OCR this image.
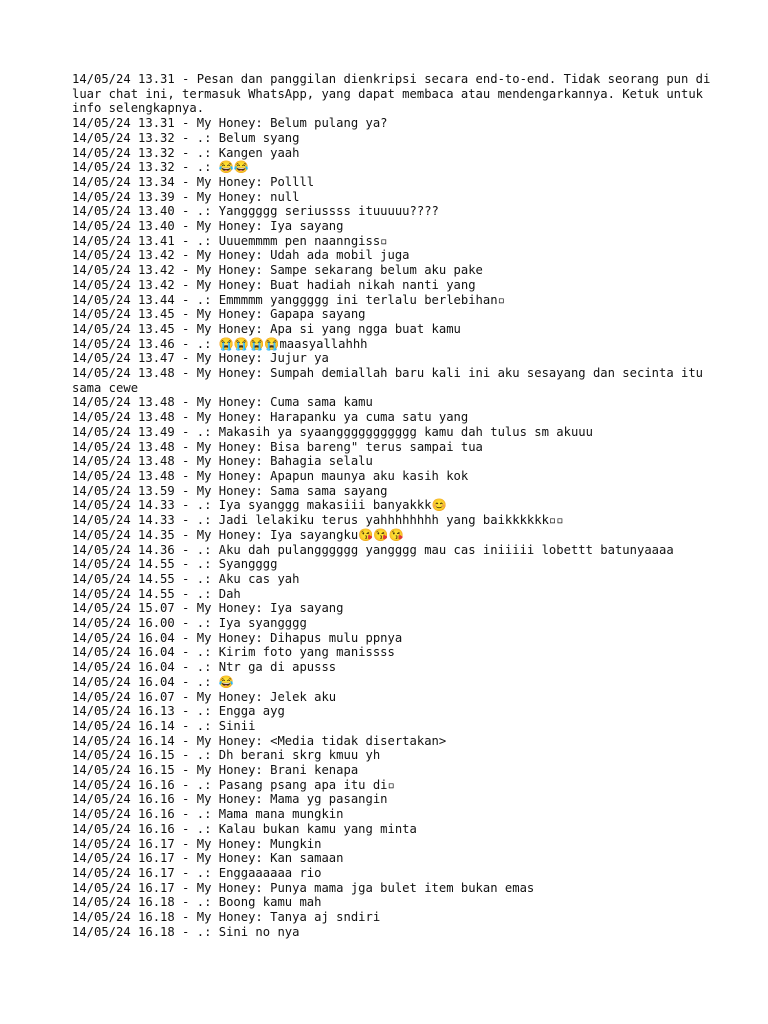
14/05/24 13.31 - Pesan dan panggilan dienkripsi secara end-to-end. Tidak seorang pun di luar chat ini, termasuk WhatsApp, yang dapat membaca atau mendengarkannya. Ketuk untuk info selengkapnya.

14/05/24 13.31 - My Honey: Belum pulang ya?

14/05/24 13.32 - .: Belum syang

14/05/24 13.32 - .: Kangen yaah

14/05/24 13.32 - .: 😂😂

14/05/24 13.34 - My Honey: Pollll

14/05/24 13.39 - My Honey: null

14/05/24 13.40 - .: Yanggggg seriussss ituuuuu????

14/05/24 13.40 - My Honey: Iya sayang

14/05/24 13.41 - .: Uuuemmmm pen naanngiss▫

14/05/24 13.42 - My Honey: Udah ada mobil juga

14/05/24 13.42 - My Honey: Sampe sekarang belum aku pake

14/05/24 13.42 - My Honey: Buat hadiah nikah nanti yang

14/05/24 13.44 - .: Emmmmm yanggggg ini terlalu berlebihan▫

14/05/24 13.45 - My Honey: Gapapa sayang

14/05/24 13.45 - My Honey: Apa si yang ngga buat kamu

14/05/24 13.46 - .: 😭😭😭😭maasyallahhh

14/05/24 13.47 - My Honey: Jujur ya

14/05/24 13.48 - My Honey: Sumpah demiallah baru kali ini aku sesayang dan secinta itu sama cewe

14/05/24 13.48 - My Honey: Cuma sama kamu

14/05/24 13.48 - My Honey: Harapanku ya cuma satu yang

14/05/24 13.49 - .: Makasih ya syaanggggggggggg kamu dah tulus sm akuuu

14/05/24 13.48 - My Honey: Bisa bareng" terus sampai tua

14/05/24 13.48 - My Honey: Bahagia selalu

14/05/24 13.48 - My Honey: Apapun maunya aku kasih kok

14/05/24 13.59 - My Honey: Sama sama sayang

14/05/24 14.33 - .: Iya syanggg makasiii banyakkk😊

14/05/24 14.33 - .: Jadi lelakiku terus yahhhhhhhh yang baikkkkkk▫▫

14/05/24 14.35 - My Honey: Iya sayangku😘😘😘

14/05/24 14.36 - .: Aku dah pulangggggg yangggg mau cas iniiiii lobettt batunyaaaa

14/05/24 14.55 - .: Syangggg

14/05/24 14.55 - .: Aku cas yah

14/05/24 14.55 - .: Dah

14/05/24 15.07 - My Honey: Iya sayang

14/05/24 16.00 - .: Iya syangggg

14/05/24 16.04 - My Honey: Dihapus mulu ppnya

14/05/24 16.04 - .: Kirim foto yang manissss

14/05/24 16.04 - .: Ntr ga di apusss

14/05/24 16.04 - .: 😂

14/05/24 16.07 - My Honey: Jelek aku

14/05/24 16.13 - .: Engga ayg

14/05/24 16.14 - .: Sinii

14/05/24 16.14 - My Honey: <Media tidak disertakan>

14/05/24 16.15 - .: Dh berani skrg kmuu yh

14/05/24 16.15 - My Honey: Brani kenapa

14/05/24 16.16 - .: Pasang psang apa itu di▫

14/05/24 16.16 - My Honey: Mama yg pasangin

14/05/24 16.16 - .: Mama mana mungkin

14/05/24 16.16 - .: Kalau bukan kamu yang minta

14/05/24 16.17 - My Honey: Mungkin

14/05/24 16.17 - My Honey: Kan samaan

14/05/24 16.17 - .: Enggaaaaaa rio

14/05/24 16.17 - My Honey: Punya mama jga bulet item bukan emas

14/05/24 16.18 - .: Boong kamu mah

14/05/24 16.18 - My Honey: Tanya aj sndiri

14/05/24 16.18 - .: Sini no nya
